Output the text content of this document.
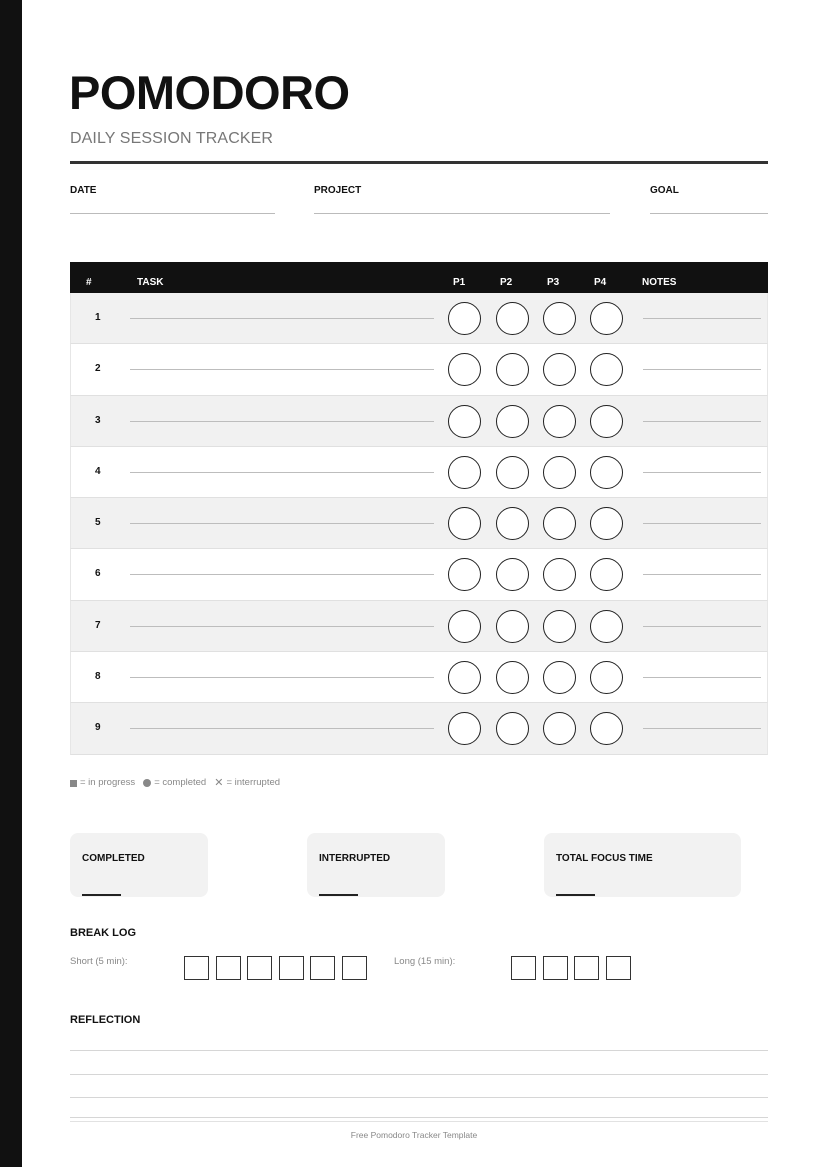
POMODORO
DAILY SESSION TRACKER
DATE	PROJECT	GOAL
#	TASK	P1	P2	P3	P4	NOTES
1
2
3
4
5
6
7
8
9
= in progress = completed ✕ = interrupted
COMPLETED	INTERRUPTED	TOTAL FOCUS TIME
BREAK LOG
Short (5 min):	Long (15 min):
REFLECTION
Free Pomodoro Tracker Template
